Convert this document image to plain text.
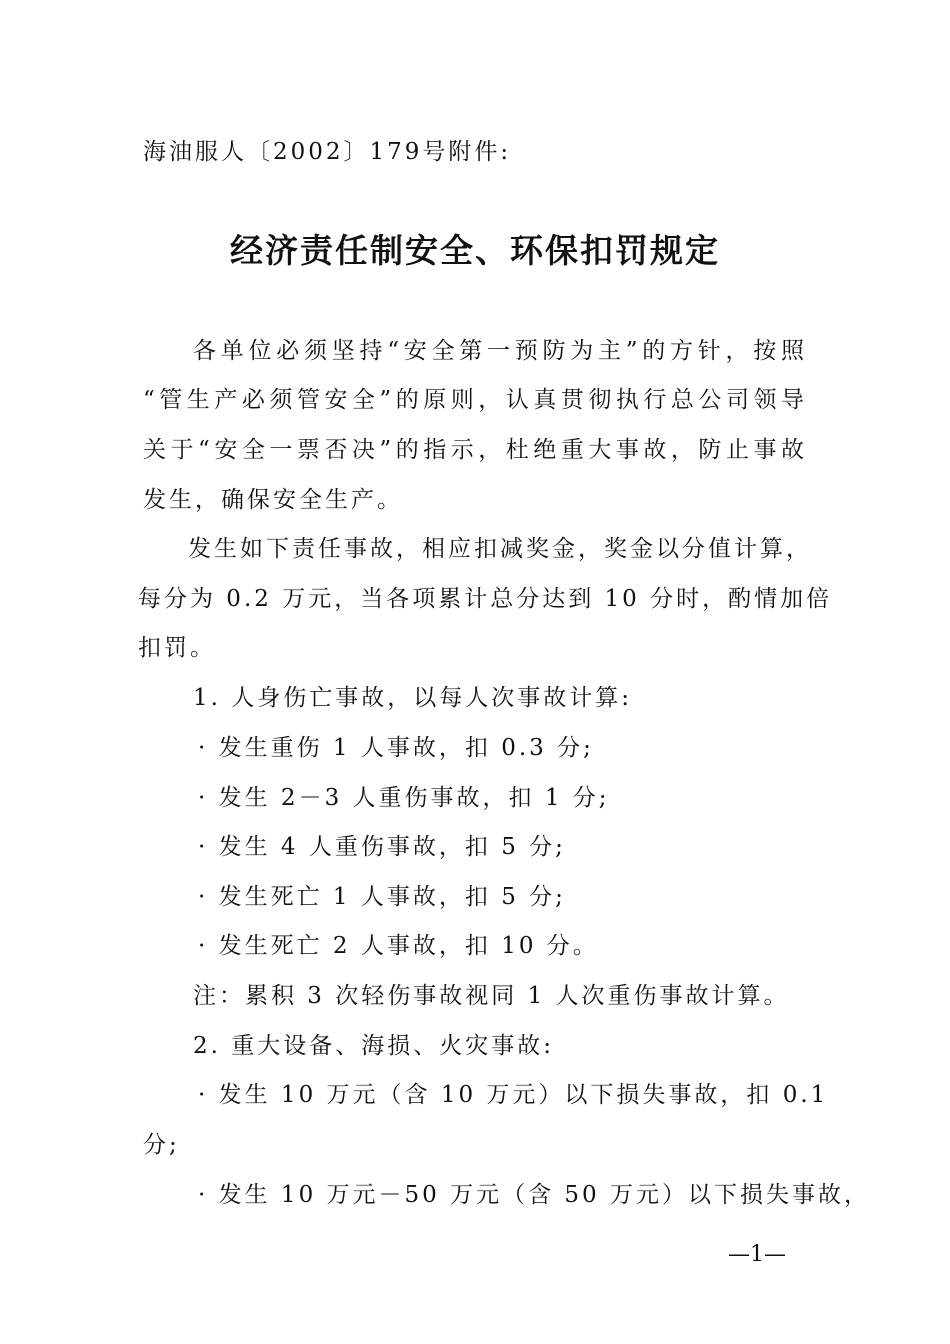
海油服人〔2002〕179号附件:
经济责任制安全、环保扣罚规定
各单位必须坚持“安全第一预防为主”的方针，按照
“管生产必须管安全”的原则，认真贯彻执行总公司领导
关于“安全一票否决”的指示，杜绝重大事故，防止事故
发生，确保安全生产。
发生如下责任事故，相应扣减奖金，奖金以分值计算，
每分为 0.2 万元，当各项累计总分达到 10 分时，酌情加倍
扣罚。
1. 人身伤亡事故，以每人次事故计算:
· 发生重伤 1 人事故，扣 0.3 分;
· 发生 2－3 人重伤事故，扣 1 分;
· 发生 4 人重伤事故，扣 5 分;
· 发生死亡 1 人事故，扣 5 分;
· 发生死亡 2 人事故，扣 10 分。
注：累积 3 次轻伤事故视同 1 人次重伤事故计算。
2. 重大设备、海损、火灾事故:
· 发生 10 万元（含 10 万元）以下损失事故，扣 0.1
分;
· 发生 10 万元－50 万元（含 50 万元）以下损失事故，
—1—
